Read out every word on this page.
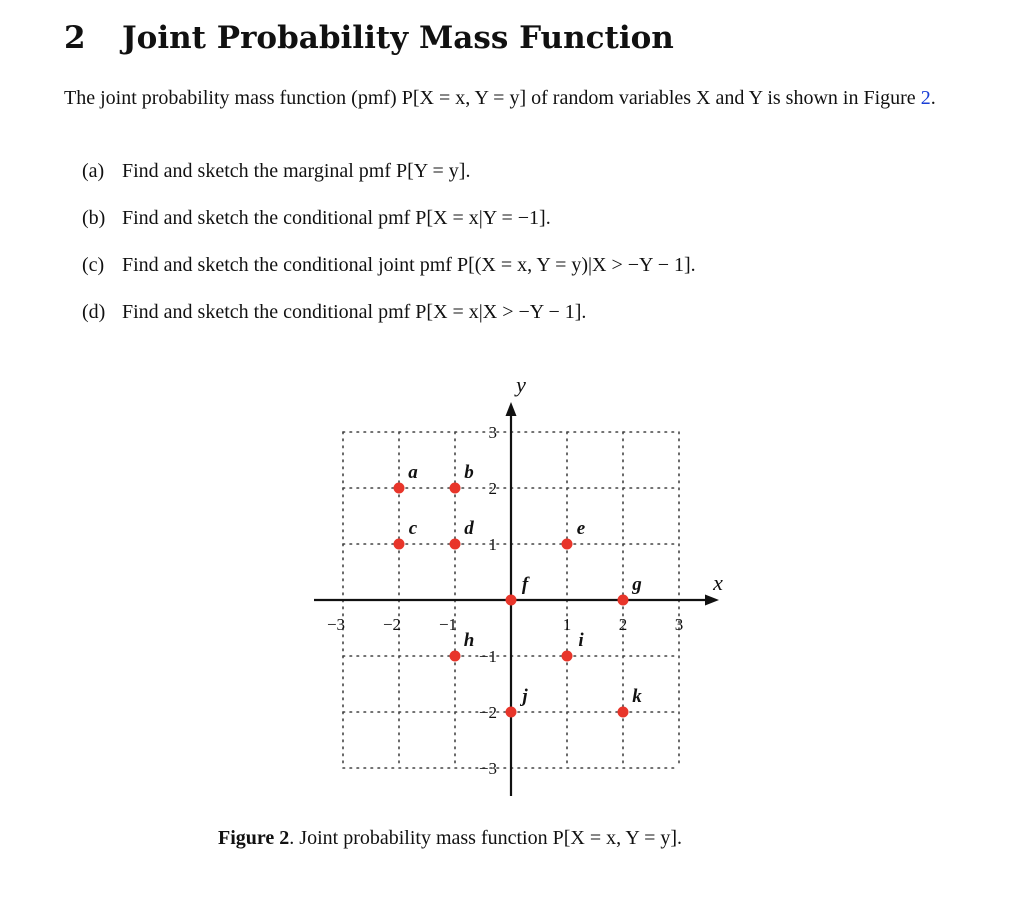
2 Joint Probability Mass Function
The joint probability mass function (pmf) P[X = x, Y = y] of random variables X and Y is shown in Figure 2.
(a) Find and sketch the marginal pmf P[Y = y].
(b) Find and sketch the conditional pmf P[X = x|Y = −1].
(c) Find and sketch the conditional joint pmf P[(X = x, Y = y)|X > −Y − 1].
(d) Find and sketch the conditional pmf P[X = x|X > −Y − 1].
x
y
−3 −2 −1	1	2	3
3
2
1
−1
−2
−3
a b
c d	e
f	g
h	i
j	k
Figure 2. Joint probability mass function P[X = x, Y = y].
